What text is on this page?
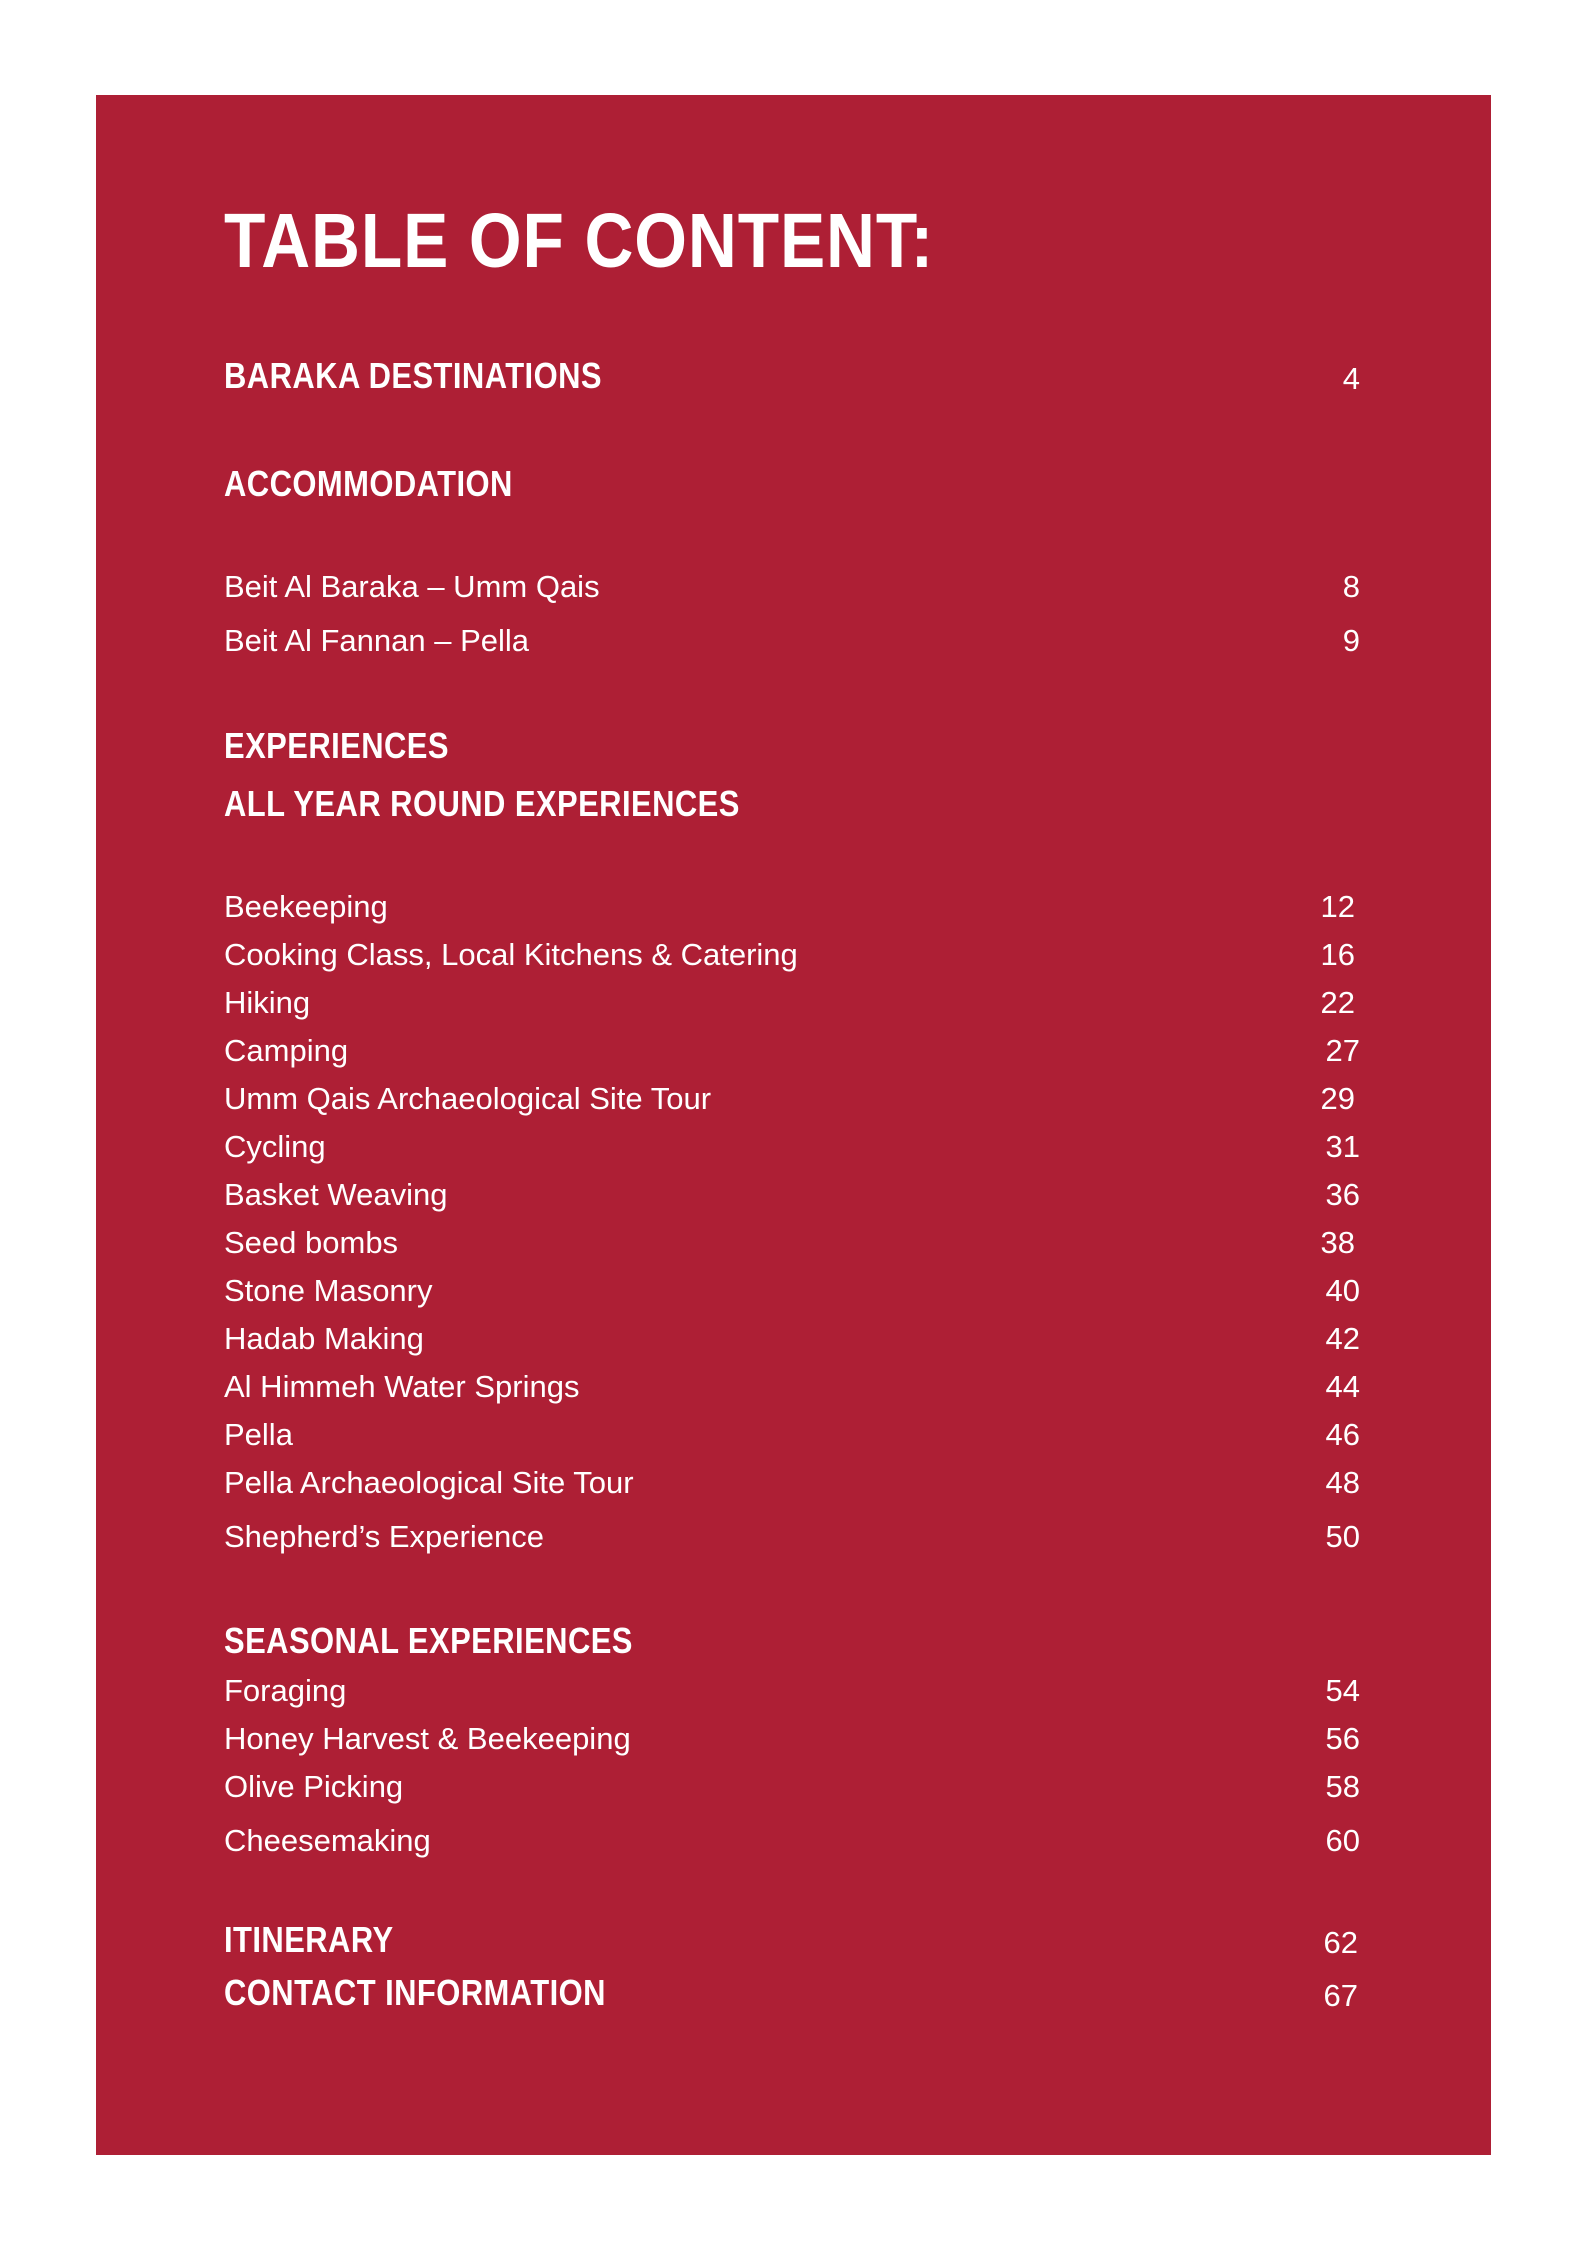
TABLE OF CONTENT:
BARAKA DESTINATIONS	4
ACCOMMODATION
Beit Al Baraka – Umm Qais	8
Beit Al Fannan – Pella	9
EXPERIENCES
ALL YEAR ROUND EXPERIENCES
Beekeeping	12
Cooking Class, Local Kitchens & Catering	16
Hiking	22
Camping	27
Umm Qais Archaeological Site Tour	29
Cycling	31
Basket Weaving	36
Seed bombs	38
Stone Masonry	40
Hadab Making	42
Al Himmeh Water Springs	44
Pella	46
Pella Archaeological Site Tour	48
Shepherd’s Experience	50
SEASONAL EXPERIENCES
Foraging	54
Honey Harvest & Beekeeping	56
Olive Picking	58
Cheesemaking	60
ITINERARY	62
CONTACT INFORMATION	67
